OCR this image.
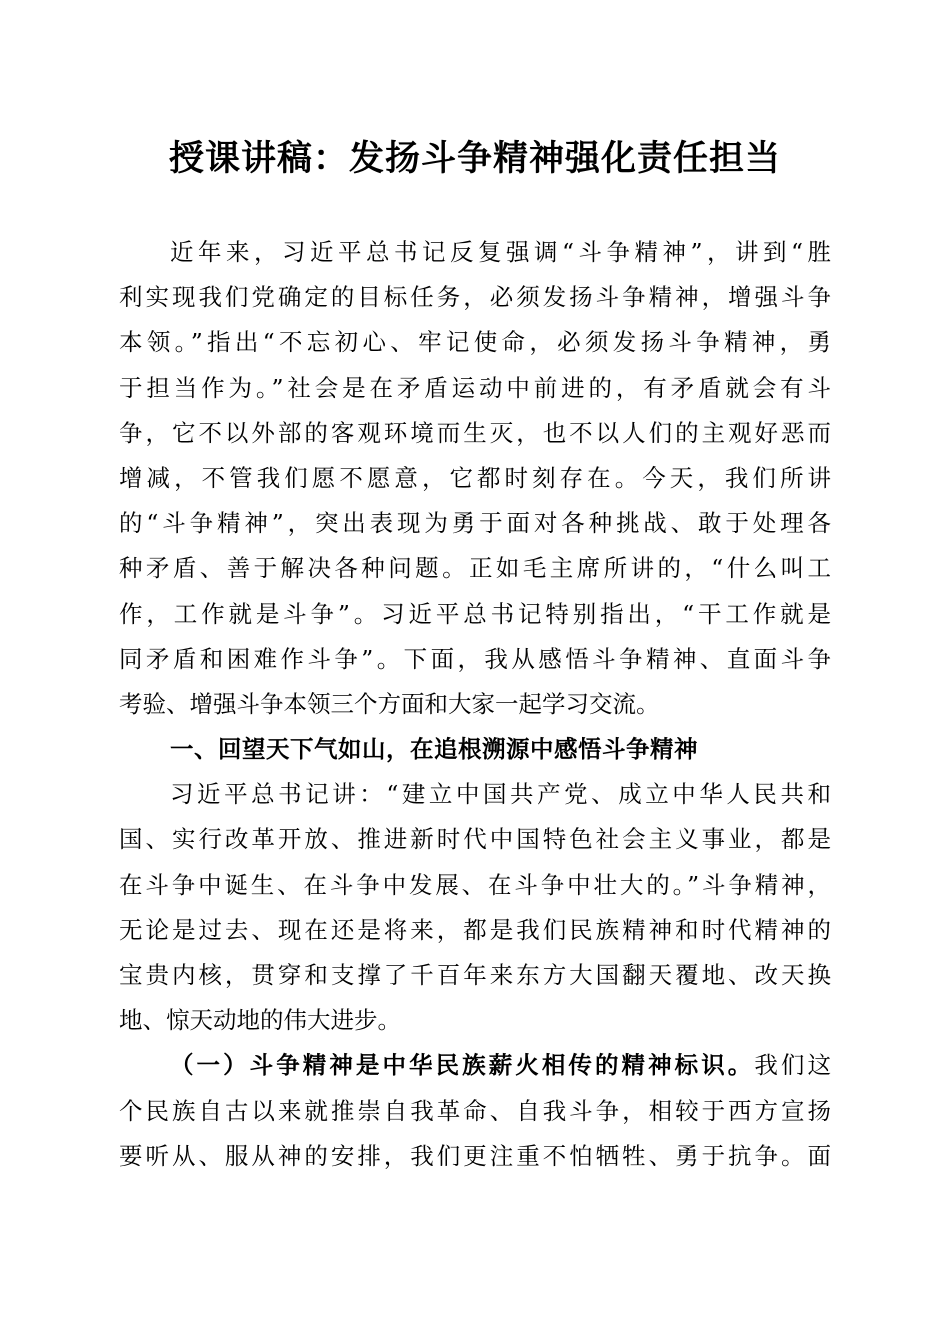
授课讲稿：发扬斗争精神强化责任担当
近年来，习近平总书记反复强调“斗争精神”，讲到“胜
利实现我们党确定的目标任务，必须发扬斗争精神，增强斗争
本领。”指出“不忘初心、牢记使命，必须发扬斗争精神，勇
于担当作为。”社会是在矛盾运动中前进的，有矛盾就会有斗
争，它不以外部的客观环境而生灭，也不以人们的主观好恶而
增减，不管我们愿不愿意，它都时刻存在。今天，我们所讲
的“斗争精神”，突出表现为勇于面对各种挑战、敢于处理各
种矛盾、善于解决各种问题。正如毛主席所讲的，“什么叫工
作，工作就是斗争”。习近平总书记特别指出，“干工作就是
同矛盾和困难作斗争”。下面，我从感悟斗争精神、直面斗争
考验、增强斗争本领三个方面和大家一起学习交流。
一、回望天下气如山，在追根溯源中感悟斗争精神
习近平总书记讲：“建立中国共产党、成立中华人民共和
国、实行改革开放、推进新时代中国特色社会主义事业，都是
在斗争中诞生、在斗争中发展、在斗争中壮大的。”斗争精神，
无论是过去、现在还是将来，都是我们民族精神和时代精神的
宝贵内核，贯穿和支撑了千百年来东方大国翻天覆地、改天换
地、惊天动地的伟大进步。
（一）斗争精神是中华民族薪火相传的精神标识。我们这
个民族自古以来就推崇自我革命、自我斗争，相较于西方宣扬
要听从、服从神的安排，我们更注重不怕牺牲、勇于抗争。面
